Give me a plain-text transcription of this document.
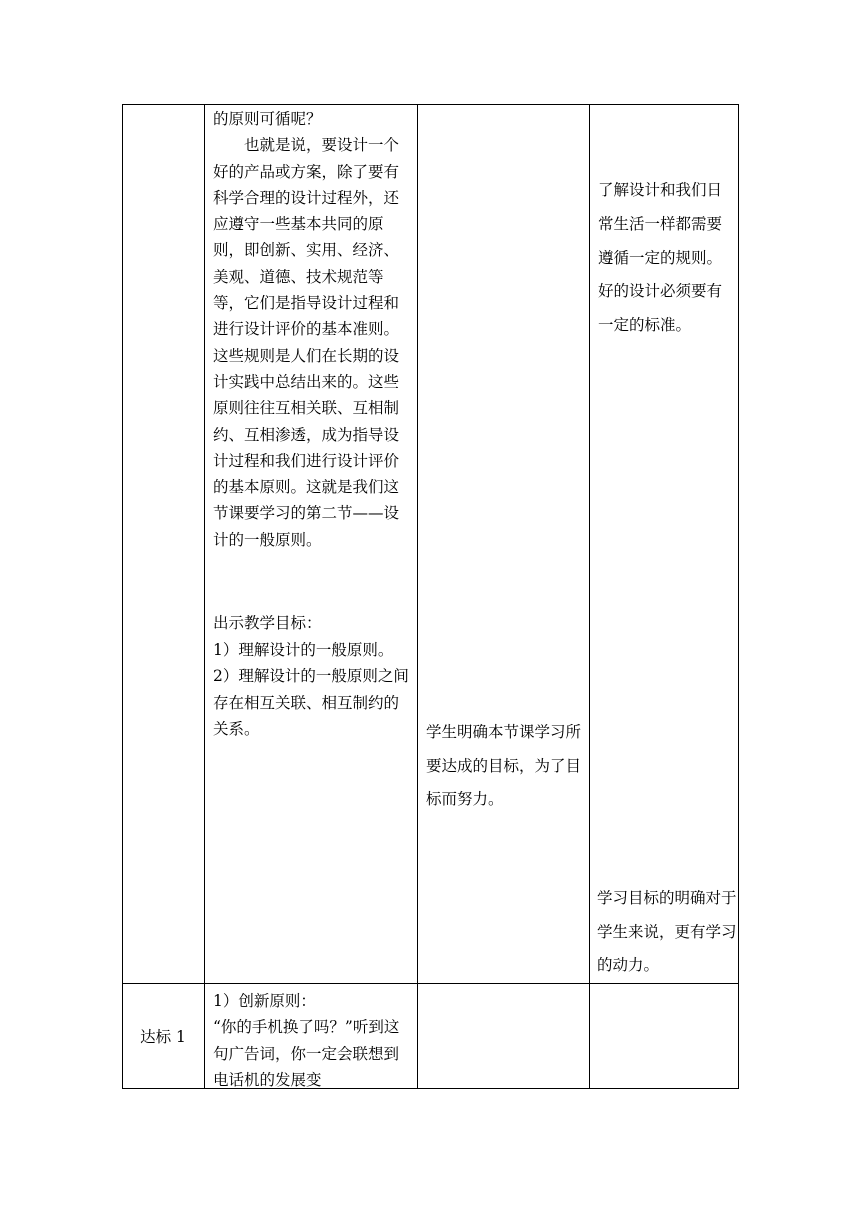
的原则可循呢？
　　也就是说，要设计一个好的产品或方案，除了要有科学合理的设计过程外，还应遵守一些基本共同的原则，即创新、实用、经济、美观、道德、技术规范等等，它们是指导设计过程和进行设计评价的基本准则。这些规则是人们在长期的设计实践中总结出来的。这些原则往往互相关联、互相制约、互相渗透，成为指导设计过程和我们进行设计评价的基本原则。这就是我们这节课要学习的第二节——设计的一般原则。
出示教学目标：
1）理解设计的一般原则。
2）理解设计的一般原则之间存在相互关联、相互制约的关系。	学生明确本节课学习所要达成的目标，为了目标而努力。
了解设计和我们日常生活一样都需要遵循一定的规则。好的设计必须要有一定的标准。
学习目标的明确对于学生来说，更有学习的动力。
达标 1
1）创新原则：
“你的手机换了吗？”听到这句广告词，你一定会联想到电话机的发展变
